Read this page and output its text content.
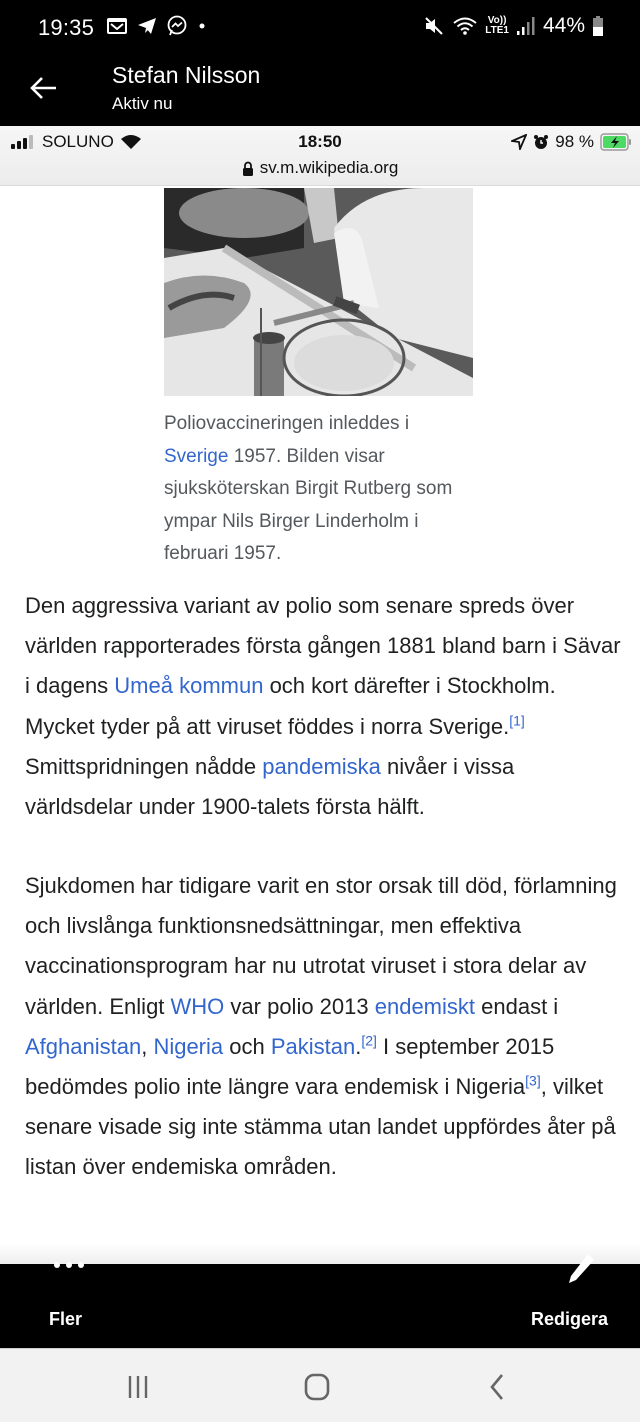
19:35	Vo))
LTE1 44%
Stefan Nilsson
Aktiv nu
SOLUNO	18:50	98 %
sv.m.wikipedia.org
Poliovaccineringen inleddes i Sverige 1957. Bilden visar sjuksköterskan Birgit Rutberg som ympar Nils Birger Linderholm i februari 1957.
Den aggressiva variant av polio som senare spreds över världen rapporterades första gången 1881 bland barn i Sävar i dagens Umeå kommun och kort därefter i Stockholm. Mycket tyder på att viruset föddes i norra Sverige.[1] Smittspridningen nådde pandemiska nivåer i vissa världsdelar under 1900-talets första hälft.
Sjukdomen har tidigare varit en stor orsak till död, förlamning och livslånga funktionsnedsättningar, men effektiva vaccinationsprogram har nu utrotat viruset i stora delar av världen. Enligt WHO var polio 2013 endemiskt endast i Afghanistan, Nigeria och Pakistan.[2] I september 2015 bedömdes polio inte längre vara endemisk i Nigeria[3], vilket senare visade sig inte stämma utan landet uppfördes åter på listan över endemiska områden.
Fler	Redigera
